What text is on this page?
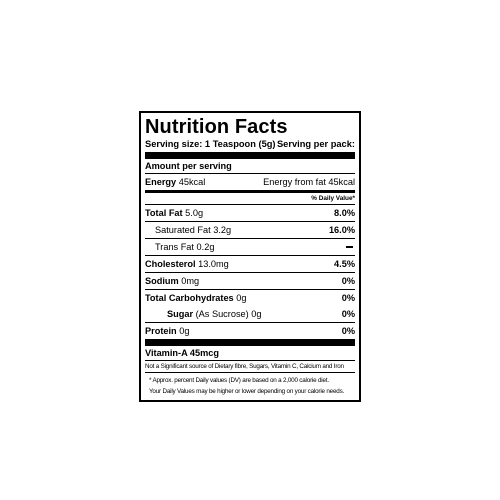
Nutrition Facts
Serving size: 1 Teaspoon (5g) Serving per pack:
Amount per serving
Energy 45kcal	Energy from fat 45kcal
% Daily Value*
Total Fat 5.0g	8.0%
Saturated Fat 3.2g	16.0%
Trans Fat 0.2g
Cholesterol 13.0mg	4.5%
Sodium 0mg	0%
Total Carbohydrates 0g	0%
Sugar (As Sucrose) 0g	0%
Protein 0g	0%
Vitamin-A 45mcg
Not a Significant source of Dietary fibre, Sugars, Vitamin C, Calcium and Iron
* Approx. percent Daily values (DV) are based on a 2,000 calorie diet.
Your Daily Values may be higher or lower depending on your calorie needs.
